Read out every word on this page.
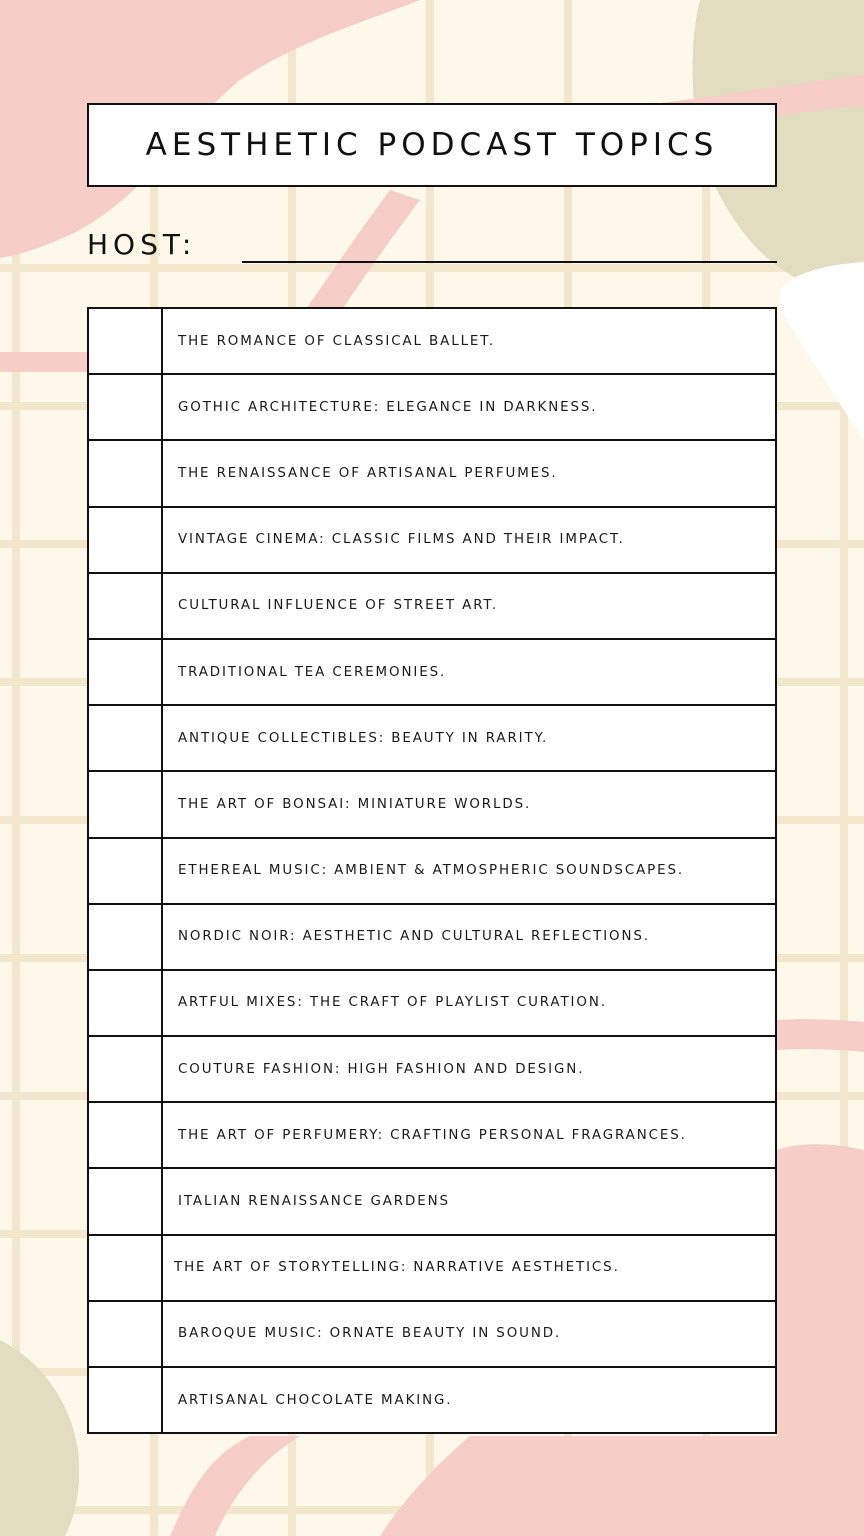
AESTHETIC PODCAST TOPICS
HOST:
THE ROMANCE OF CLASSICAL BALLET.
GOTHIC ARCHITECTURE: ELEGANCE IN DARKNESS.
THE RENAISSANCE OF ARTISANAL PERFUMES.
VINTAGE CINEMA: CLASSIC FILMS AND THEIR IMPACT.
CULTURAL INFLUENCE OF STREET ART.
TRADITIONAL TEA CEREMONIES.
ANTIQUE COLLECTIBLES: BEAUTY IN RARITY.
THE ART OF BONSAI: MINIATURE WORLDS.
ETHEREAL MUSIC: AMBIENT & ATMOSPHERIC SOUNDSCAPES.
NORDIC NOIR: AESTHETIC AND CULTURAL REFLECTIONS.
ARTFUL MIXES: THE CRAFT OF PLAYLIST CURATION.
COUTURE FASHION: HIGH FASHION AND DESIGN.
THE ART OF PERFUMERY: CRAFTING PERSONAL FRAGRANCES.
ITALIAN RENAISSANCE GARDENS
THE ART OF STORYTELLING: NARRATIVE AESTHETICS.
BAROQUE MUSIC: ORNATE BEAUTY IN SOUND.
ARTISANAL CHOCOLATE MAKING.
